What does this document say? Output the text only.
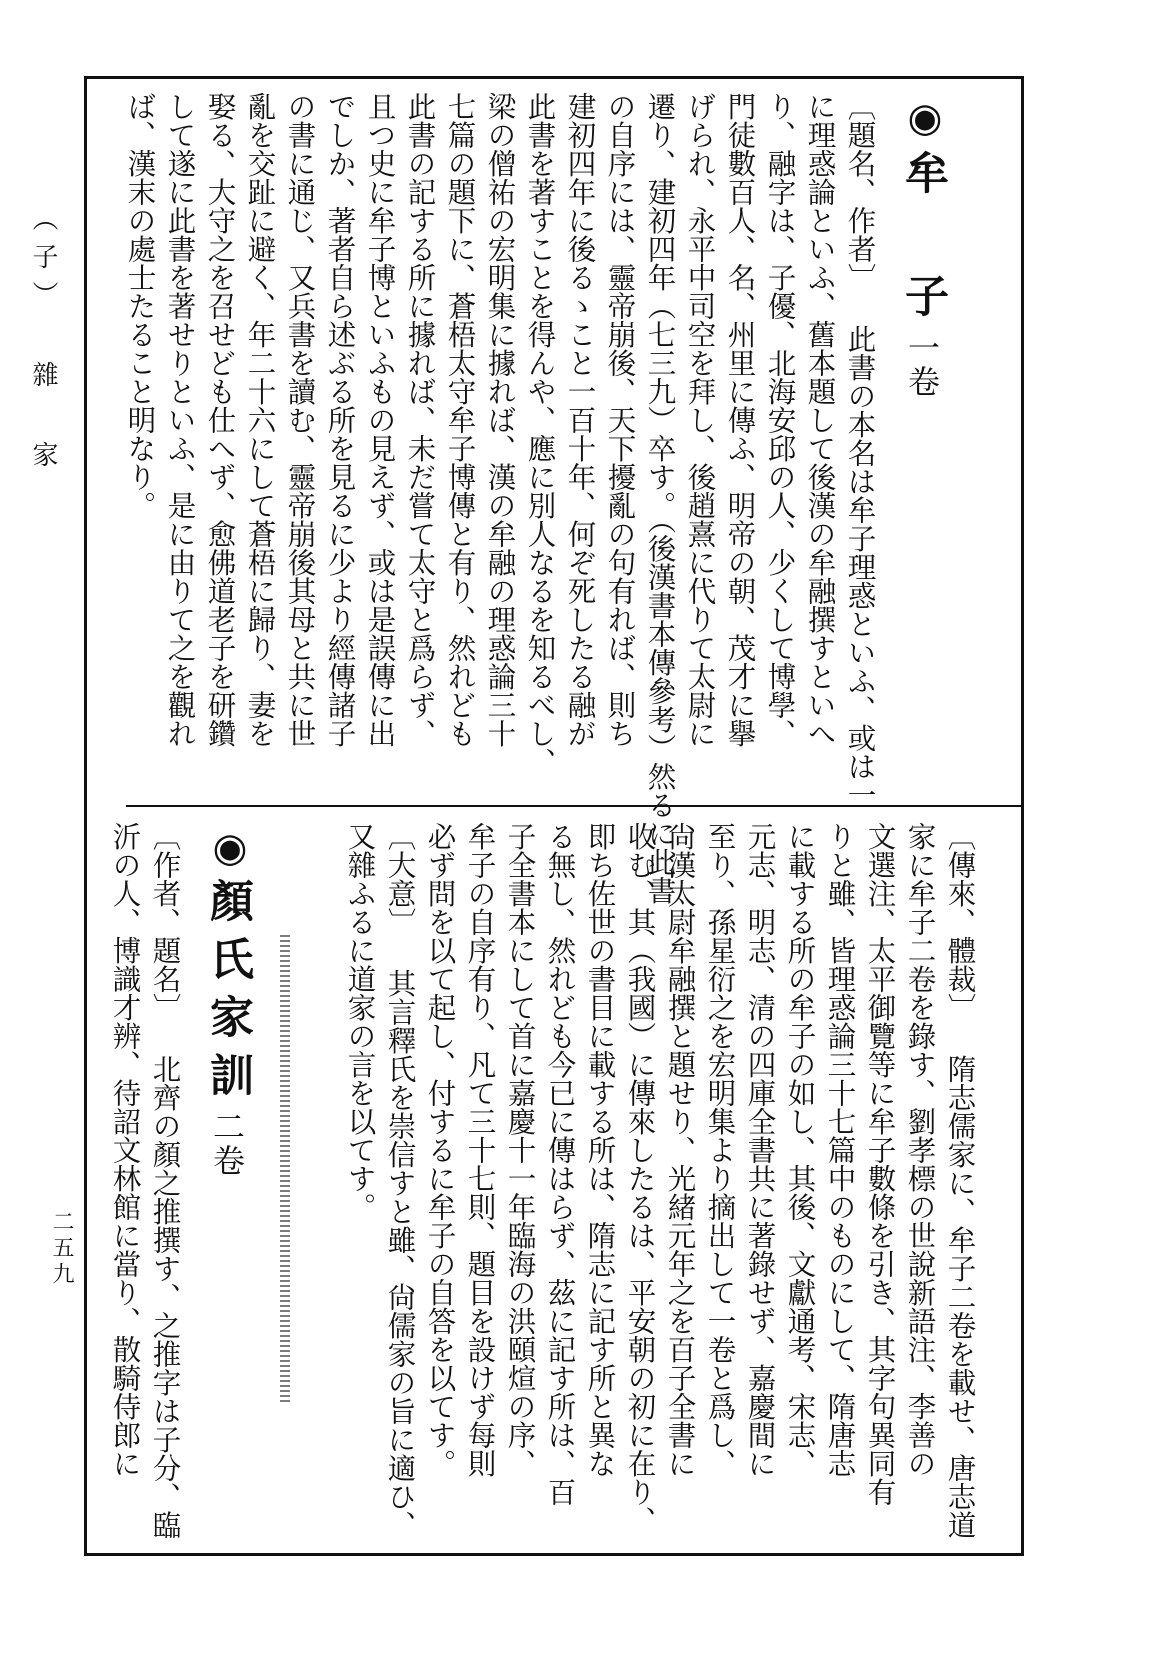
（子） 雜 家
二五九
◉
牟 子一卷
〔題名、作者〕 此書の本名は牟子理惑といふ、或は一
に理惑論といふ、舊本題して後漢の牟融撰すといへ
り、融字は、子優、北海安邱の人、少くして博學、
門徒數百人、名、州里に傳ふ、明帝の朝、茂才に擧
げられ、永平中司空を拜し、後趙熹に代りて太尉に
遷り、建初四年（七三九）卒す。（後漢書本傳參考）然るに此書
の自序には、靈帝崩後、天下擾亂の句有れば、則ち
建初四年に後るゝこと一百十年、何ぞ死したる融が
此書を著すことを得んや、應に別人なるを知るべし、
梁の僧祐の宏明集に據れば、漢の牟融の理惑論三十
七篇の題下に、蒼梧太守牟子博傳と有り、然れども
此書の記する所に據れば、未だ嘗て太守と爲らず、
且つ史に牟子博といふもの見えず、或は是誤傳に出
でしか、著者自ら述ぶる所を見るに少より經傳諸子
の書に通じ、又兵書を讀む、靈帝崩後其母と共に世
亂を交趾に避く、年二十六にして蒼梧に歸り、妻を
娶る、大守之を召せども仕へず、愈佛道老子を研鑽
して遂に此書を著せりといふ、是に由りて之を觀れ
ば、漢末の處士たること明なり。
〔傳來、體裁〕 隋志儒家に、牟子二卷を載せ、唐志道
家に牟子二卷を錄す、劉孝標の世說新語注、李善の
文選注、太平御覽等に牟子數條を引き、其字句異同有
りと雖、皆理惑論三十七篇中のものにして、隋唐志
に載する所の牟子の如し、其後、文獻通考、宋志、
元志、明志、清の四庫全書共に著錄せず、嘉慶間に
至り、孫星衍之を宏明集より摘出して一卷と爲し、
尙漢太尉牟融撰と題せり、光緒元年之を百子全書に
收む、其（我國）に傳來したるは、平安朝の初に在り、
即ち佐世の書目に載する所は、隋志に記す所と異な
る無し、然れども今已に傳はらず、茲に記す所は、百
子全書本にして首に嘉慶十一年臨海の洪頤煊の序、
牟子の自序有り、凡て三十七則、題目を設けず每則
必ず問を以て起し、付するに牟子の自答を以てす。
〔大意〕 其言釋氏を崇信すと雖、尙儒家の旨に適ひ、
又雜ふるに道家の言を以てす。
◉
顏氏家訓二卷
〔作者、題名〕 北齊の顏之推撰す、之推字は子分、臨
沂の人、博識才辨、待詔文林館に當り、散騎侍郎に
